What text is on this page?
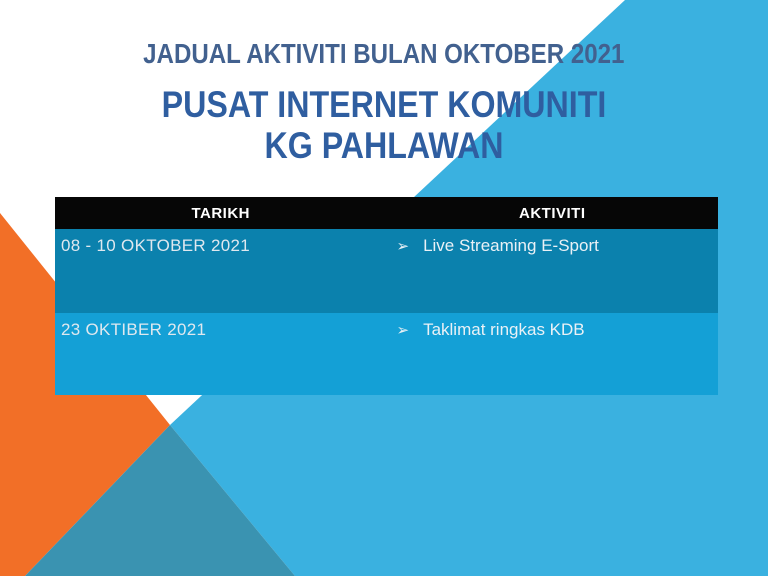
JADUAL AKTIVITI BULAN OKTOBER 2021
PUSAT INTERNET KOMUNITI
KG PAHLAWAN
TARIKH	AKTIVITI
08 - 10 OKTOBER 2021	➢ Live Streaming E-Sport
23 OKTIBER 2021	➢ Taklimat ringkas KDB
